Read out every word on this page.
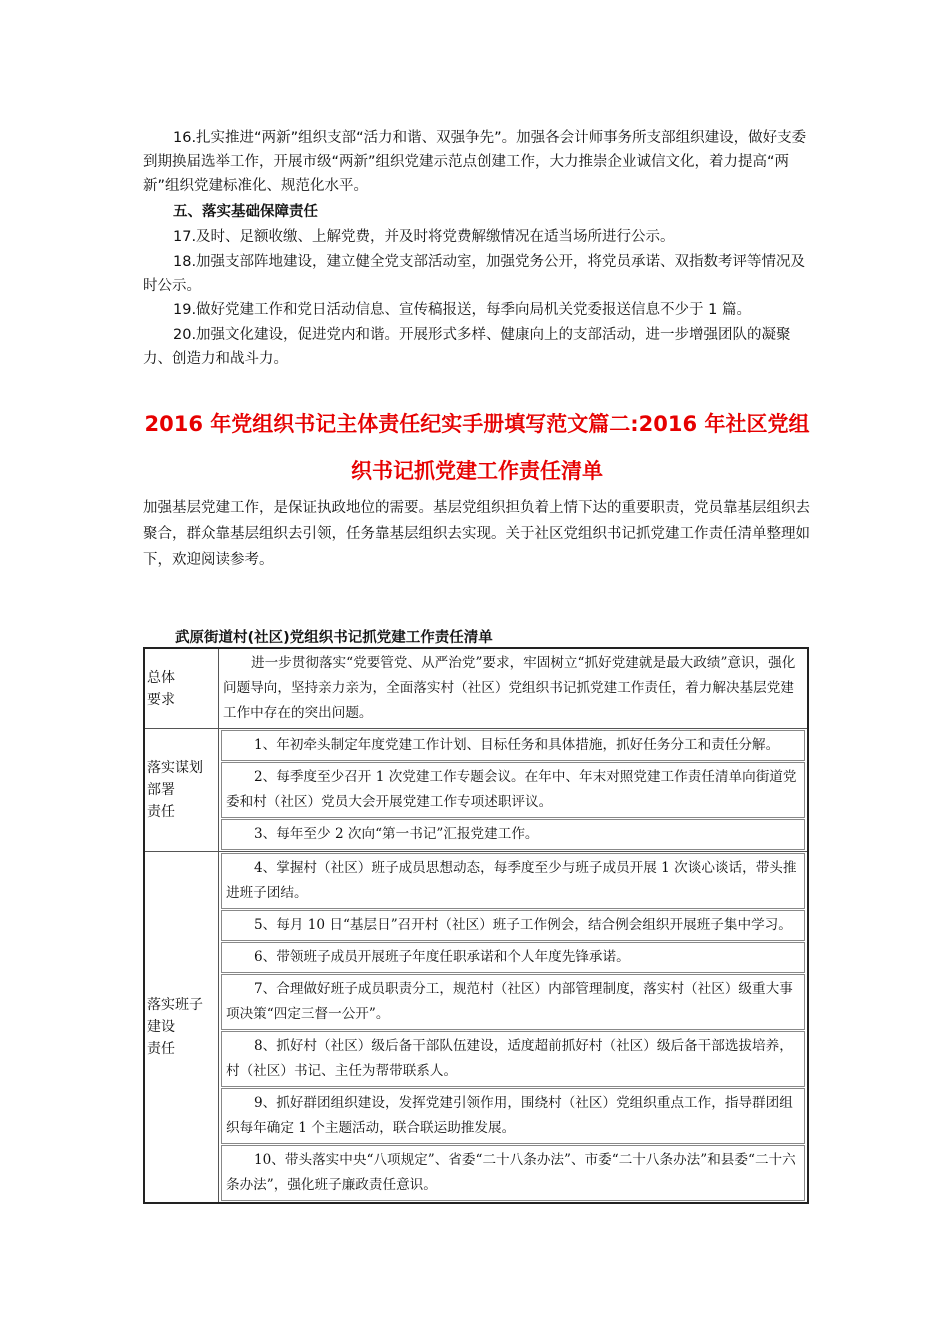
16.扎实推进“两新”组织支部“活力和谐、双强争先”。加强各会计师事务所支部组织建设，做好支委到期换届选举工作，开展市级“两新”组织党建示范点创建工作，大力推崇企业诚信文化，着力提高“两新”组织党建标准化、规范化水平。
五、落实基础保障责任
17.及时、足额收缴、上解党费，并及时将党费解缴情况在适当场所进行公示。
18.加强支部阵地建设，建立健全党支部活动室，加强党务公开，将党员承诺、双指数考评等情况及时公示。
19.做好党建工作和党日活动信息、宣传稿报送，每季向局机关党委报送信息不少于 1 篇。
20.加强文化建设，促进党内和谐。开展形式多样、健康向上的支部活动，进一步增强团队的凝聚力、创造力和战斗力。
2016 年党组织书记主体责任纪实手册填写范文篇二:2016 年社区党组
织书记抓党建工作责任清单
加强基层党建工作，是保证执政地位的需要。基层党组织担负着上情下达的重要职责，党员靠基层组织去聚合，群众靠基层组织去引领，任务靠基层组织去实现。关于社区党组织书记抓党建工作责任清单整理如下，欢迎阅读参考。
武原街道村(社区)党组织书记抓党建工作责任清单
总体
要求
进一步贯彻落实“党要管党、从严治党”要求，牢固树立“抓好党建就是最大政绩”意识，强化问题导向，坚持亲力亲为，全面落实村（社区）党组织书记抓党建工作责任，着力解决基层党建工作中存在的突出问题。
落实谋划
部署
责任
1、年初牵头制定年度党建工作计划、目标任务和具体措施，抓好任务分工和责任分解。
2、每季度至少召开 1 次党建工作专题会议。在年中、年末对照党建工作责任清单向街道党委和村（社区）党员大会开展党建工作专项述职评议。
3、每年至少 2 次向“第一书记”汇报党建工作。
落实班子
建设
责任
4、掌握村（社区）班子成员思想动态，每季度至少与班子成员开展 1 次谈心谈话，带头推进班子团结。
5、每月 10 日“基层日”召开村（社区）班子工作例会，结合例会组织开展班子集中学习。
6、带领班子成员开展班子年度任职承诺和个人年度先锋承诺。
7、合理做好班子成员职责分工，规范村（社区）内部管理制度，落实村（社区）级重大事项决策“四定三督一公开”。
8、抓好村（社区）级后备干部队伍建设，适度超前抓好村（社区）级后备干部选拔培养，村（社区）书记、主任为帮带联系人。
9、抓好群团组织建设，发挥党建引领作用，围绕村（社区）党组织重点工作，指导群团组织每年确定 1 个主题活动，联合联运助推发展。
10、带头落实中央“八项规定”、省委“二十八条办法”、市委“二十八条办法”和县委“二十六条办法”，强化班子廉政责任意识。
